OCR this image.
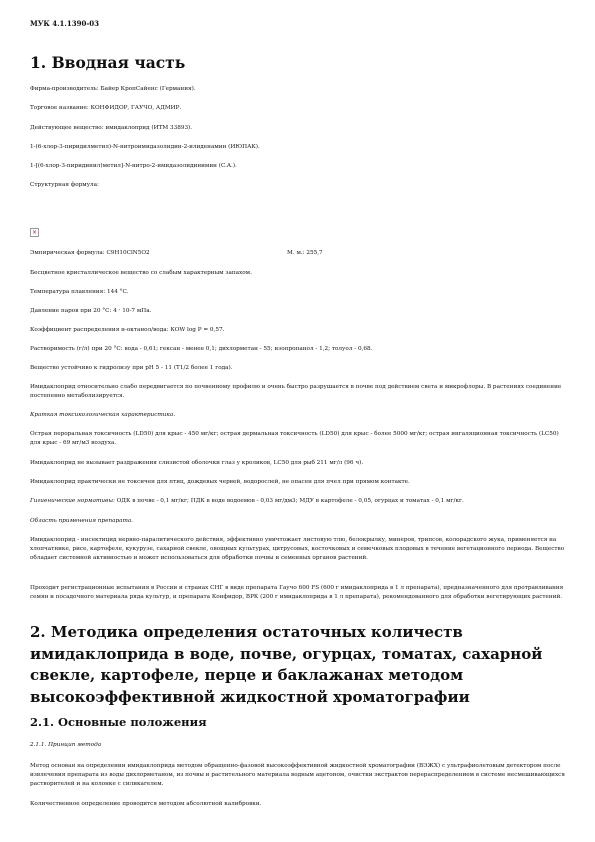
МУК 4.1.1390-03
1. Вводная часть

Фирма-производитель: Байер КропСайенс (Германия).

Торговое название: КОНФИДОР, ГАУЧО, АДМИР.

Действующее вещество: имидаклоприд (ИТМ 33893).

1-(6-хлор-3-пиридилметил)-N-нитроимидазолидин-2-илиденамин (ИЮПАК).

1-[(6-хлор-3-пиридинил)метил]-N-нитро-2-имидазолидинимин (C.A.).

Структурная формула:

×
Эмпирическая формула: C9H10ClN5O2	М. м.: 255,7

Бесцветное кристаллическое вещество со слабым характерным запахом.

Температура плавления: 144 °С.

Давление паров при 20 °С: 4 · 10-7 мПа.

Коэффициент распределения н-октанол/вода: КOW log P = 0,57.

Растворимость (г/л) при 20 °С: вода - 0,61; гексан - менее 0,1; дихлорметан - 55; изопропанол - 1,2; толуол - 0,68.

Вещество устойчиво к гидролизу при pH 5 - 11 (T1/2 более 1 года).

Имидаклоприд относительно слабо передвигается по почвенному профилю и очень быстро разрушается в почве под действием света и микрофлоры. В растениях соединение постепенно метаболизируется.

Краткая токсикологическая характеристика.

Острая пероральная токсичность (LD50) для крыс - 450 мг/кг; острая дермальная токсичность (LD50) для крыс - более 5000 мг/кг; острая ингаляционная токсичность (LC50) для крыс - 69 мг/м3 воздуха.

Имидаклоприд не вызывает раздражения слизистой оболочки глаз у кроликов, LC50 для рыб 211 мг/л (96 ч).

Имидаклоприд практически не токсичен для птиц, дождевых червей, водорослей, не опасен для пчел при прямом контакте.

Гигиенические нормативы: ОДК в почве - 0,1 мг/кг; ПДК в воде водоемов - 0,03 мг/дм3; МДУ в картофеле - 0,05, огурцах и томатах - 0,1 мг/кг.

Область применения препарата.

Имидаклоприд - инсектицид нервно-паралитического действия, эффективно уничтожает листовую тлю, белокрылку, минеров, трипсов, колорадского жука, применяется на хлопчатнике, рисе, картофеле, кукурузе, сахарной свекле, овощных культурах, цитрусовых, косточковых и семечковых плодовых в течение вегетационного периода. Вещество обладает системной активностью и может использоваться для обработки почвы и семенных органов растений.

Проходит регистрационные испытания в России и странах СНГ в виде препарата Гаучо 600 FS (600 г имидаклоприда в 1 л препарата), предназначенного для протравливания семян и посадочного материала ряда культур, и препарата Конфидор, ВРК (200 г имидаклоприда в 1 л препарата), рекомендованного для обработки вегетирующих растений.

2. Методика определения остаточных количеств имидаклоприда в воде, почве, огурцах, томатах, сахарной свекле, картофеле, перце и баклажанах методом высокоэффективной жидкостной хроматографии
2.1. Основные положения

2.1.1. Принцип метода

Метод основан на определении имидаклоприда методом обращенно-фазовой высокоэффективной жидкостной хроматографии (ВЭЖХ) с ультрафиолетовым детектором после извлечения препарата из воды дихлорметаном, из почвы и растительного материала водным ацетоном, очистки экстрактов перераспределением в системе несмешивающихся растворителей и на колонке с силикагелем.

Количественное определение проводится методом абсолютной калибровки.
